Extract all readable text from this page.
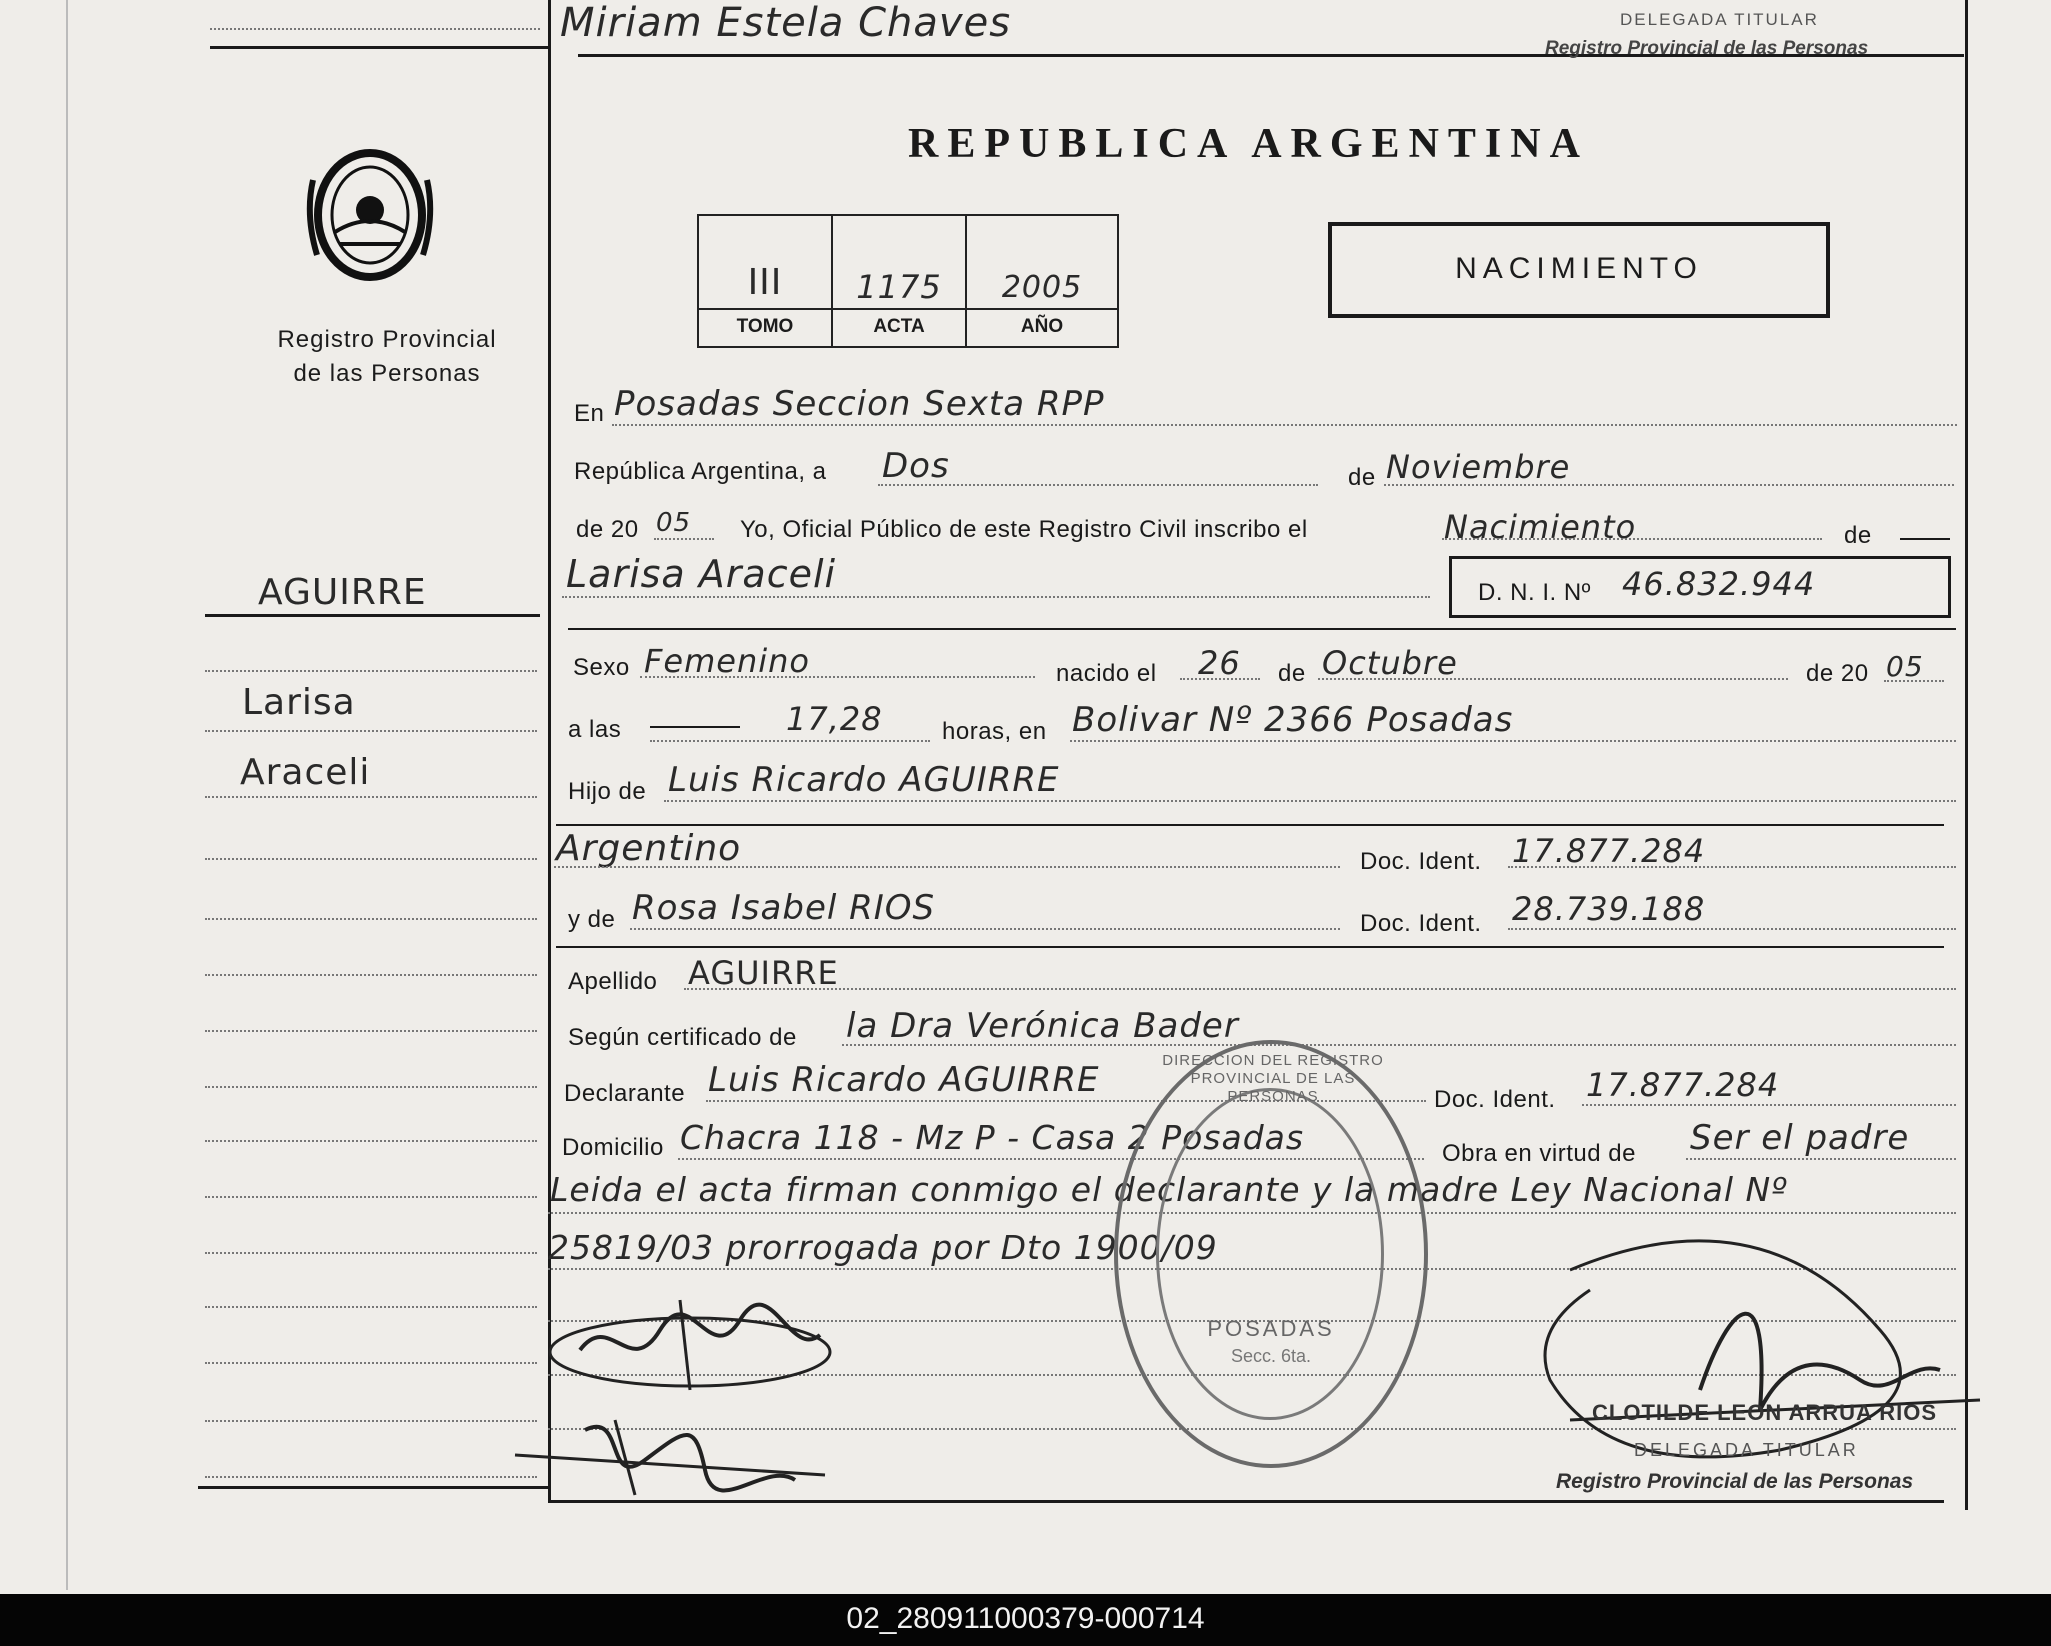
Miriam Estela Chaves	DELEGADA TITULAR
Registro Provincial de las Personas
Registro Provincial
de las Personas
AGUIRRE
Larisa
Araceli
REPUBLICA ARGENTINA
III	1175	2005
TOMO	ACTA	AÑO
NACIMIENTO
En Posadas Seccion Sexta RPP
República Argentina, a Dos	de Noviembre
de 20 05 Yo, Oficial Público de este Registro Civil inscribo el	Nacimiento	de
Larisa Araceli	D. N. I. Nº 46.832.944
Sexo Femenino	nacido el 26 de Octubre	de 20 05
a las	17,28 horas, en Bolivar Nº 2366 Posadas
Hijo de Luis Ricardo AGUIRRE
Argentino	Doc. Ident. 17.877.284
y de Rosa Isabel RIOS	Doc. Ident. 28.739.188
Apellido AGUIRRE
Según certificado de la Dra Verónica Bader
Declarante Luis Ricardo AGUIRRE	Doc. Ident. 17.877.284
Domicilio Chacra 118 - Mz P - Casa 2 Posadas	Obra en virtud de Ser el padre
Leida el acta firman conmigo el declarante y la madre Ley Nacional Nº
25819/03 prorrogada por Dto 1900/09
DIRECCION DEL REGISTRO PROVINCIAL DE LAS PERSONAS
POSADAS
Secc. 6ta.
CLOTILDE LEON ARRUA RIOS
DELEGADA TITULAR
Registro Provincial de las Personas
02_280911000379-000714
